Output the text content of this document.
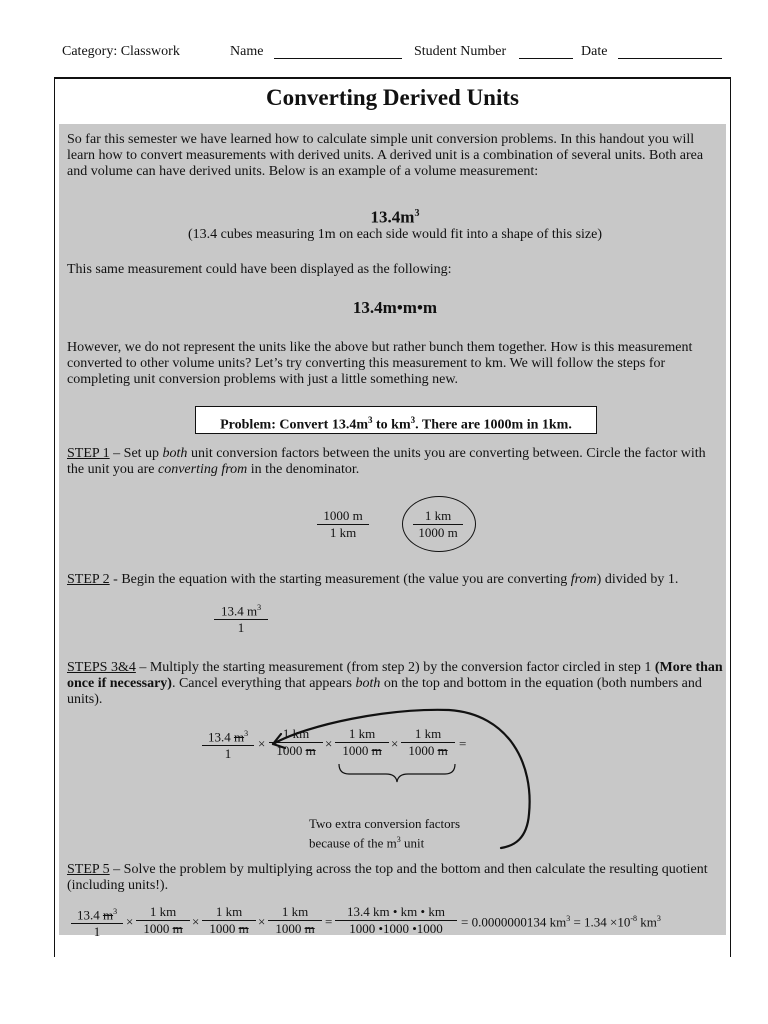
Category: Classwork	Name	Student Number	Date
Converting Derived Units
So far this semester we have learned how to calculate simple unit conversion problems. In this handout you will learn how to convert measurements with derived units. A derived unit is a combination of several units. Both area and volume can have derived units. Below is an example of a volume measurement:
$13.4m^3$
(13.4 cubes measuring 1m on each side would fit into a shape of this size)
This same measurement could have been displayed as the following:
13.4m•m•m
However, we do not represent the units like the above but rather bunch them together. How is this measurement converted to other volume units? Let’s try converting this measurement to km. We will follow the steps for completing unit conversion problems with just a little something new.
Problem: Convert $13.4m^3$ to $km^3$. There are 1000m in 1km.
STEP 1 – Set up both unit conversion factors between the units you are converting between. Circle the factor with the unit you are converting from in the denominator.
$\frac{1000 m}{1 km}$	$\frac{1 km}{1000 m}$
STEP 2 - Begin the equation with the starting measurement (the value you are converting from) divided by 1.
$\frac{13.4 m^3}{1}$
STEPS 3&4 – Multiply the starting measurement (from step 2) by the conversion factor circled in step 1 (More than once if necessary). Cancel everything that appears both on the top and bottom in the equation (both numbers and units).
$\frac{13.4 m^3}{1} \times \frac{1 km}{1000 m} \times \frac{1 km}{1000 m} \times \frac{1 km}{1000 m}$ =
Two extra conversion factors
because of the $m^3$ unit
STEP 5 – Solve the problem by multiplying across the top and the bottom and then calculate the resulting quotient (including units!).
$\frac{13.4 m^3}{1} \times \frac{1 km}{1000 m} \times \frac{1 km}{1000 m} \times \frac{1 km}{1000 m} = \frac{13.4 km • km • km}{1000 •1000 •1000} = 0.0000000134$ $km^3 = 1.34 \times 10^{-8}$ $km^3$
